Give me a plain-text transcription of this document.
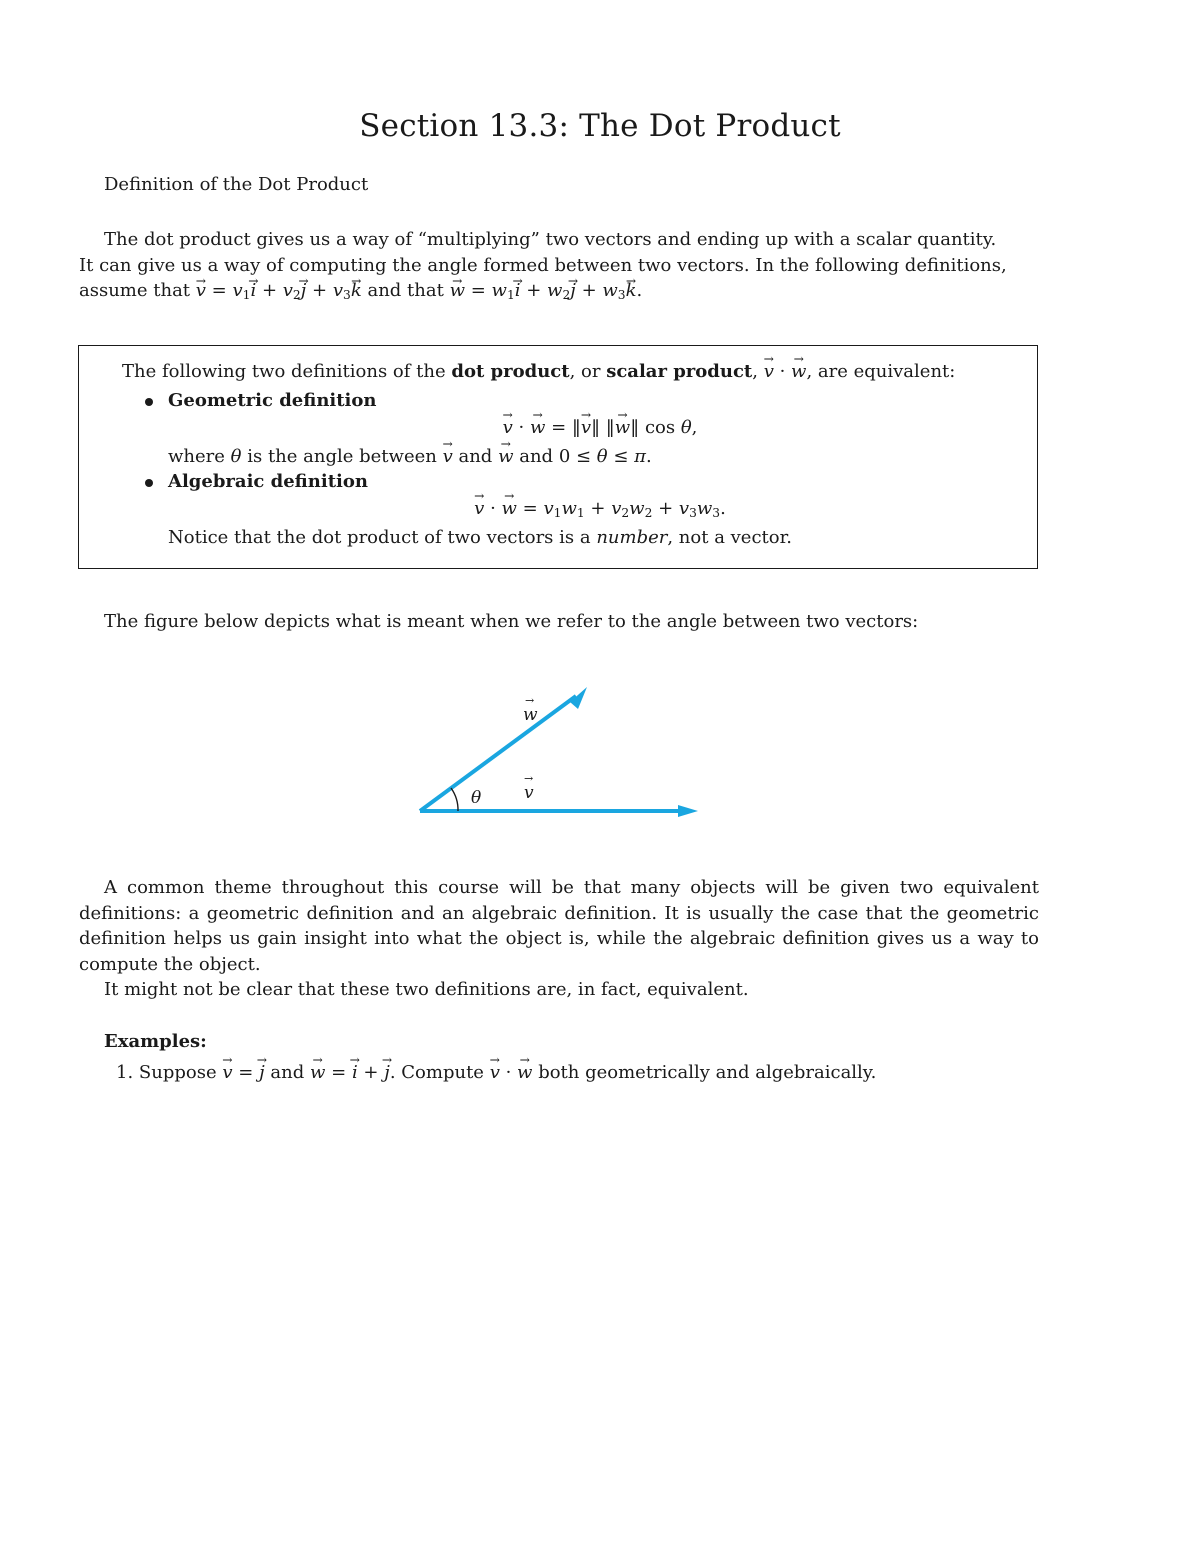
Section 13.3: The Dot Product

Definition of the Dot Product

The dot product gives us a way of “multiplying” two vectors and ending up with a scalar quantity.
It can give us a way of computing the angle formed between two vectors. In the following definitions,
assume that → $v = v_1\to i + v_2\to j + v_3\to k$ and that → $w = w_1\to i + w_2\to j + w_3\to k$.

The following two definitions of the dot product, or scalar product, → v · → w, are equivalent:

Geometric definition

→ v · → w = ‖→ v‖ ‖→ w‖ cos θ,

where θ is the angle between → v and → w and 0 ≤ θ ≤ π.

Algebraic definition

→ v · → $w = v_1w_1 + v_2w_2 + v_3w_3$.

Notice that the dot product of two vectors is a number, not a vector.

The figure below depicts what is meant when we refer to the angle between two vectors:

θ
w
→
v
→
A common theme throughout this course will be that many objects will be given two equivalent definitions: a geometric definition and an algebraic definition. It is usually the case that the geometric definition helps us gain insight into what the object is, while the algebraic definition gives us a way to compute the object.
It might not be clear that these two definitions are, in fact, equivalent.

Examples:

1. Suppose → v = → j and → w = → i + → j. Compute → v · → w both geometrically and algebraically.
